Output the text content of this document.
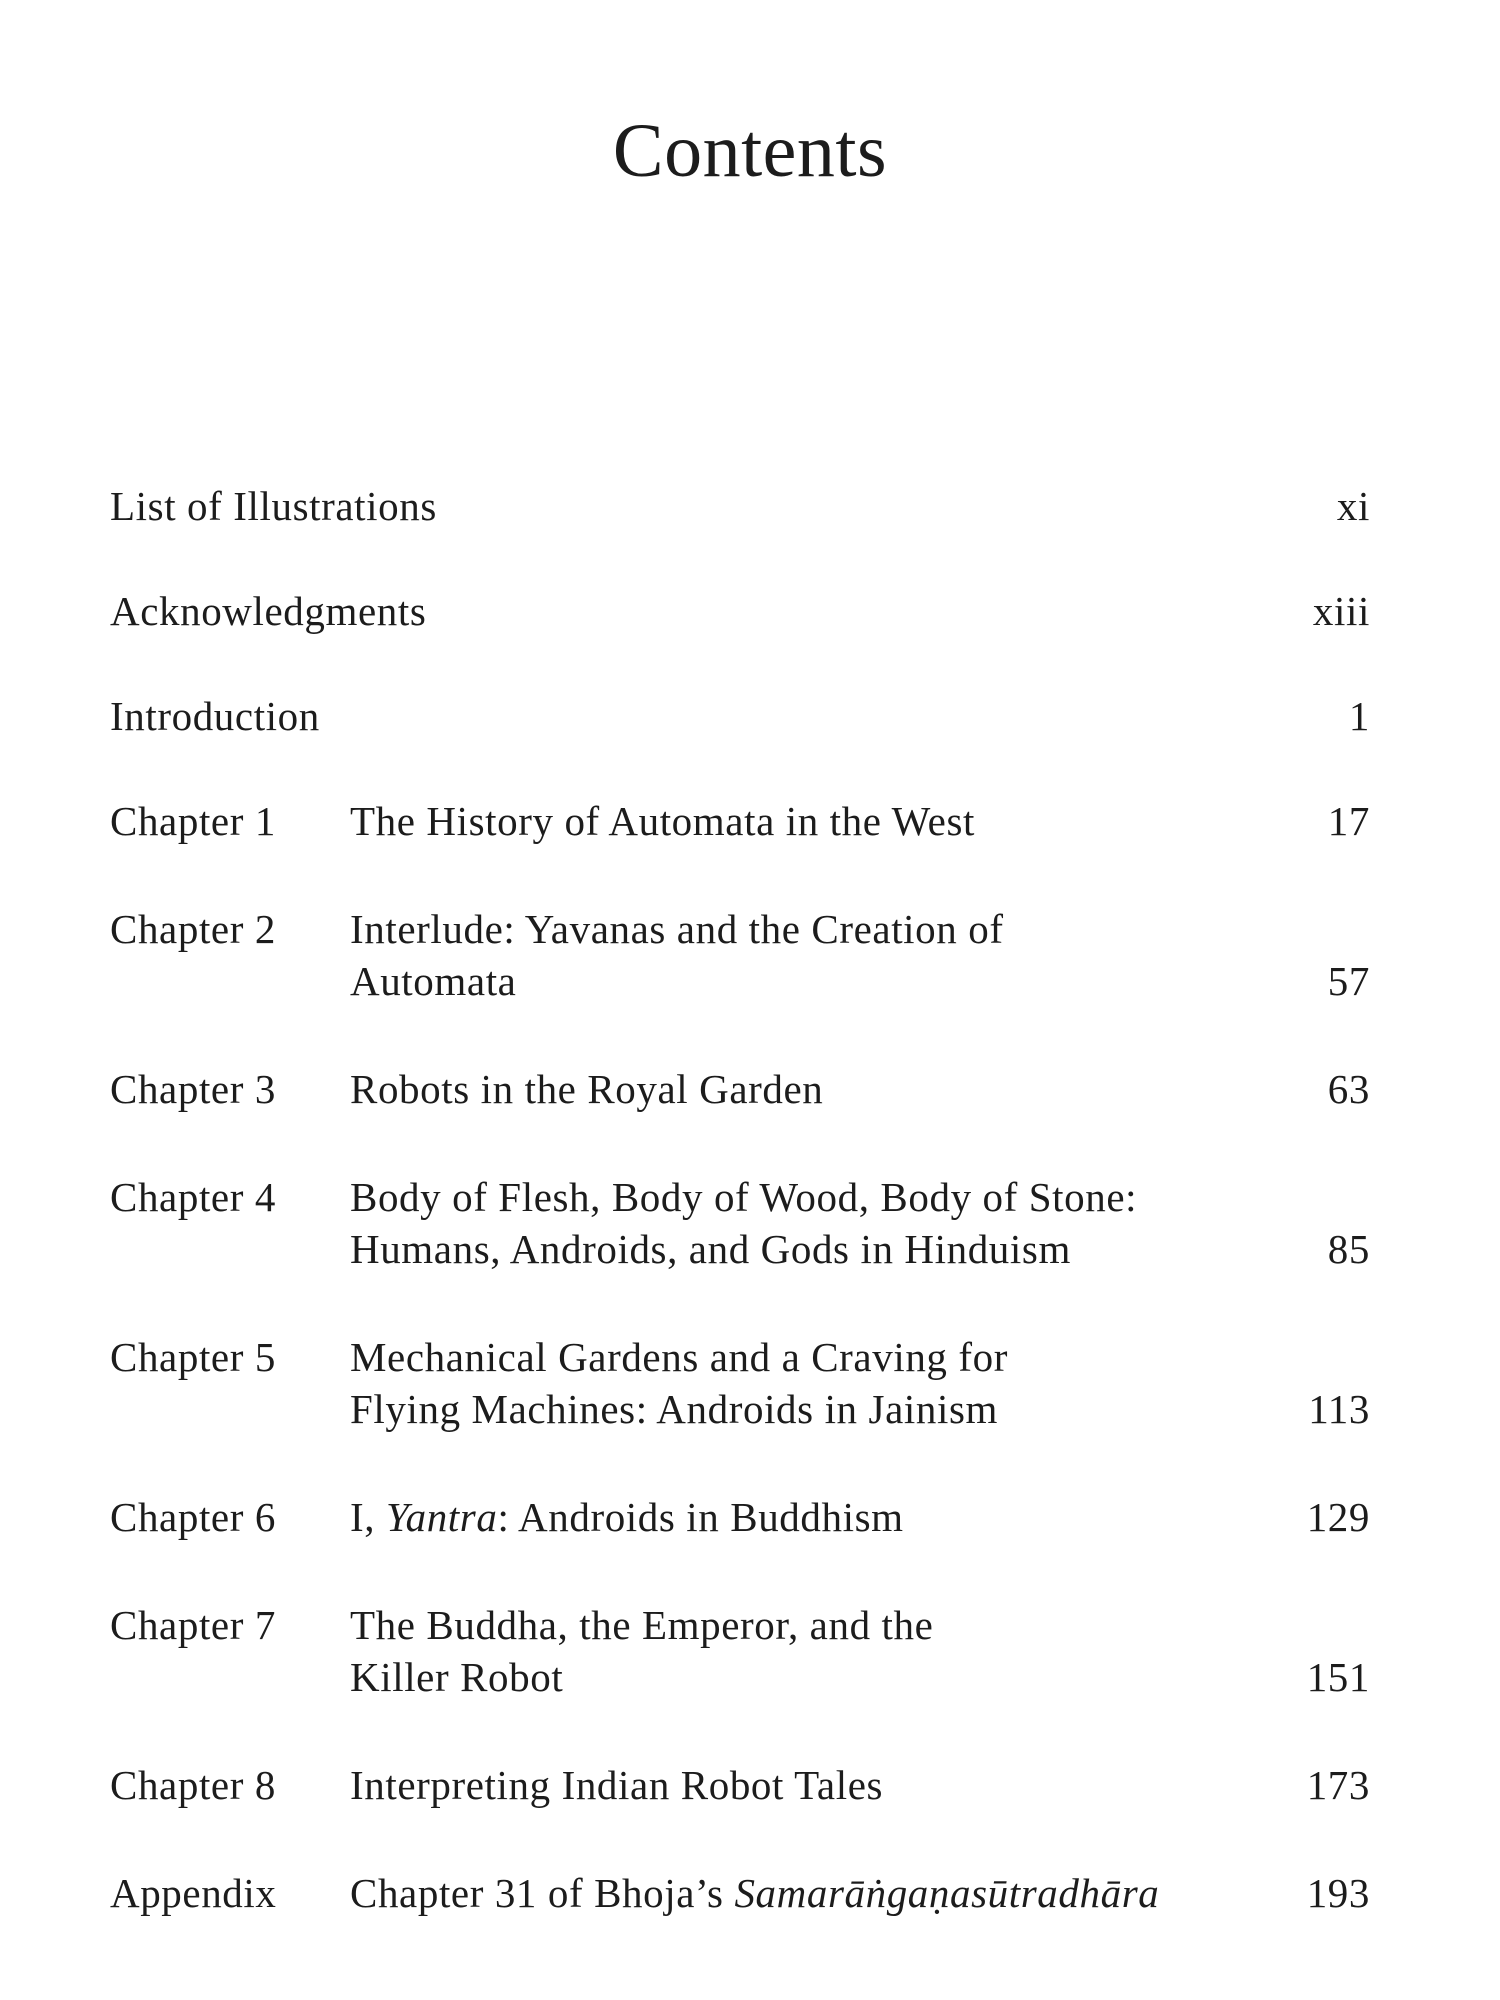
Contents
List of Illustrations	xi
Acknowledgments	xiii
Introduction	1
Chapter 1 The History of Automata in the West	17
Chapter 2 Interlude: Yavanas and the Creation of
Automata	57
Chapter 3 Robots in the Royal Garden	63
Chapter 4 Body of Flesh, Body of Wood, Body of Stone:
Humans, Androids, and Gods in Hinduism	85
Chapter 5 Mechanical Gardens and a Craving for
Flying Machines: Androids in Jainism	113
Chapter 6 I, Yantra: Androids in Buddhism	129
Chapter 7 The Buddha, the Emperor, and the
Killer Robot	151
Chapter 8 Interpreting Indian Robot Tales	173
Appendix Chapter 31 of Bhoja’s Samarāṅgaṇasūtradhāra	193
